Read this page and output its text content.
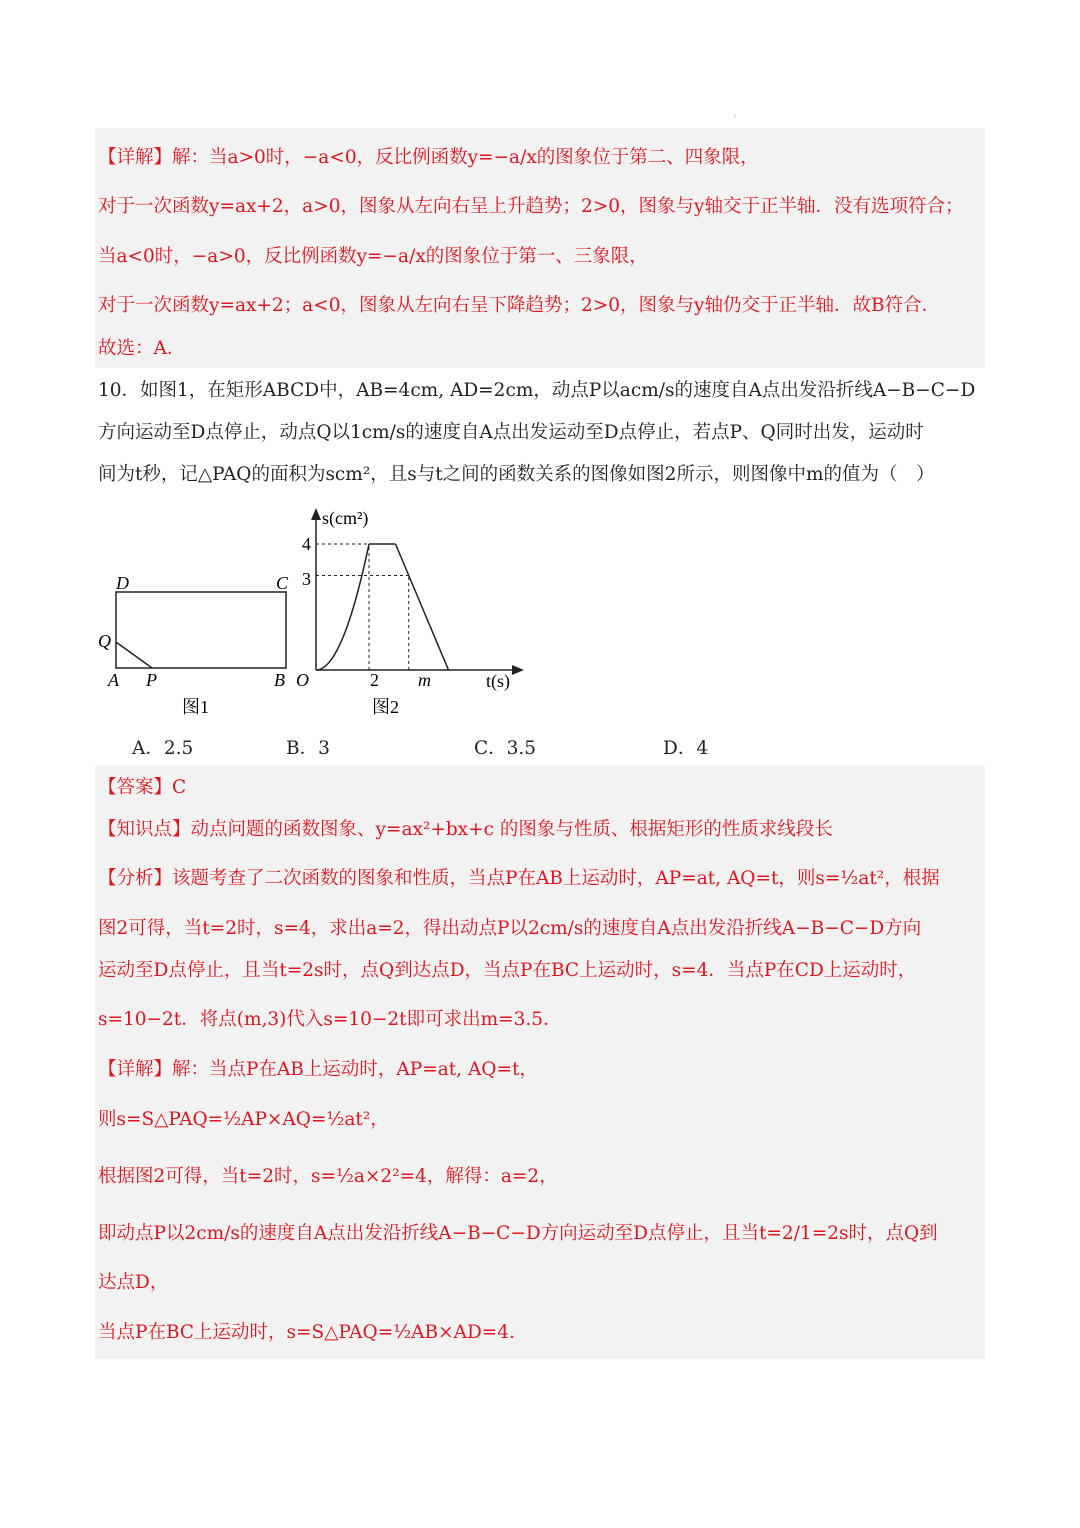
:
【详解】解：当a>0时，−a<0，反比例函数y=−a/x的图象位于第二、四象限，
对于一次函数y=ax+2，a>0，图象从左向右呈上升趋势；2>0，图象与y轴交于正半轴．没有选项符合；
当a<0时，−a>0，反比例函数y=−a/x的图象位于第一、三象限，
对于一次函数y=ax+2；a<0，图象从左向右呈下降趋势；2>0，图象与y轴仍交于正半轴．故B符合．
故选：A．
10．如图1，在矩形ABCD中，AB=4cm, AD=2cm，动点P以acm/s的速度自A点出发沿折线A−B−C−D
方向运动至D点停止，动点Q以1cm/s的速度自A点出发运动至D点停止，若点P、Q同时出发，运动时
间为t秒，记△PAQ的面积为scm²，且s与t之间的函数关系的图像如图2所示，则图像中m的值为（　）
D	C
Q
A P	B
图1
s(cm²)
t(s)
O
4
3
2 m
图2
A．2.5	B．3	C．3.5	D．4
【答案】C
【知识点】动点问题的函数图象、y=ax²+bx+c 的图象与性质、根据矩形的性质求线段长
【分析】该题考查了二次函数的图象和性质，当点P在AB上运动时，AP=at, AQ=t，则s=½at²，根据
图2可得，当t=2时，s=4，求出a=2，得出动点P以2cm/s的速度自A点出发沿折线A−B−C−D方向
运动至D点停止，且当t=2s时，点Q到达点D，当点P在BC上运动时，s=4．当点P在CD上运动时，
s=10−2t．将点(m,3)代入s=10−2t即可求出m=3.5．
【详解】解：当点P在AB上运动时，AP=at, AQ=t，
则s=S△PAQ=½AP×AQ=½at²，
根据图2可得，当t=2时，s=½a×2²=4，解得：a=2，
即动点P以2cm/s的速度自A点出发沿折线A−B−C−D方向运动至D点停止，且当t=2/1=2s时，点Q到
达点D，
当点P在BC上运动时，s=S△PAQ=½AB×AD=4．
